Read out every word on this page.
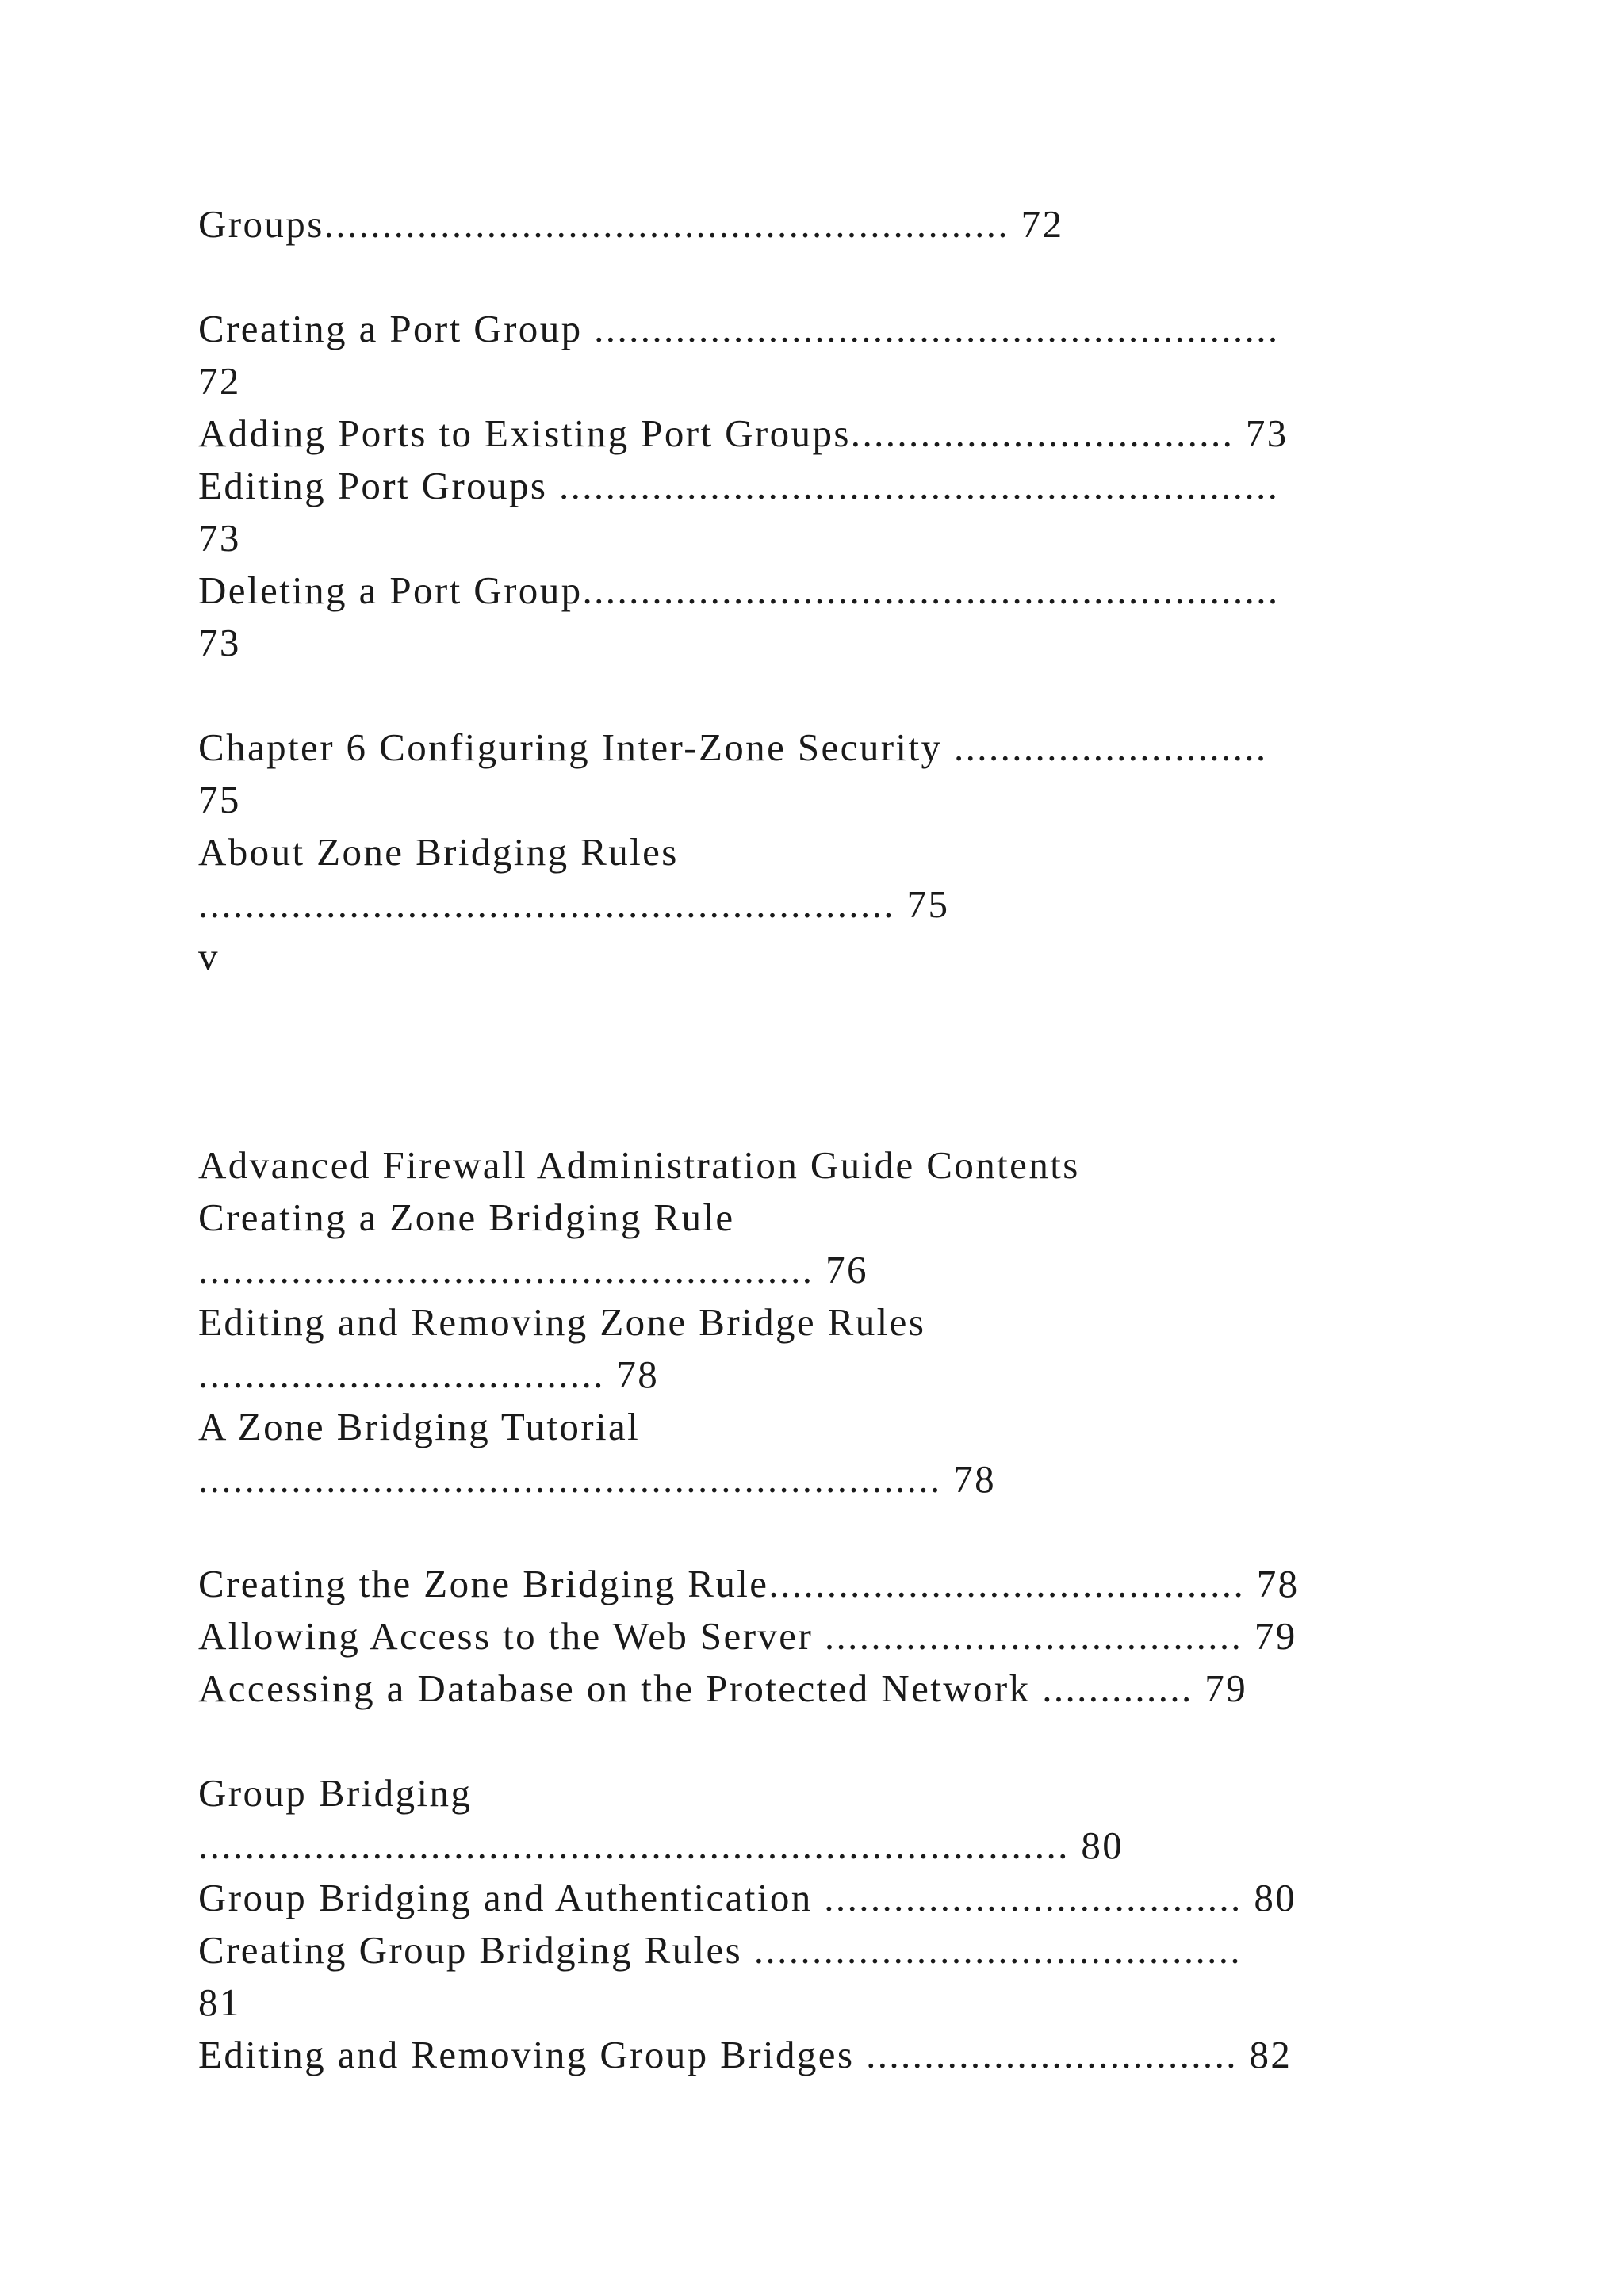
Groups........................................................... 72
Creating a Port Group ...........................................................
72
Adding Ports to Existing Port Groups................................. 73
Editing Port Groups ..............................................................
73
Deleting a Port Group............................................................
73
Chapter 6 Configuring Inter-Zone Security ...........................
75
About Zone Bridging Rules
............................................................ 75
v
Advanced Firewall Administration Guide Contents
Creating a Zone Bridging Rule
..................................................... 76
Editing and Removing Zone Bridge Rules
................................... 78
A Zone Bridging Tutorial
................................................................ 78
Creating the Zone Bridging Rule......................................... 78
Allowing Access to the Web Server .................................... 79
Accessing a Database on the Protected Network ............. 79
Group Bridging
........................................................................... 80
Group Bridging and Authentication .................................... 80
Creating Group Bridging Rules ..........................................
81
Editing and Removing Group Bridges ................................ 82
